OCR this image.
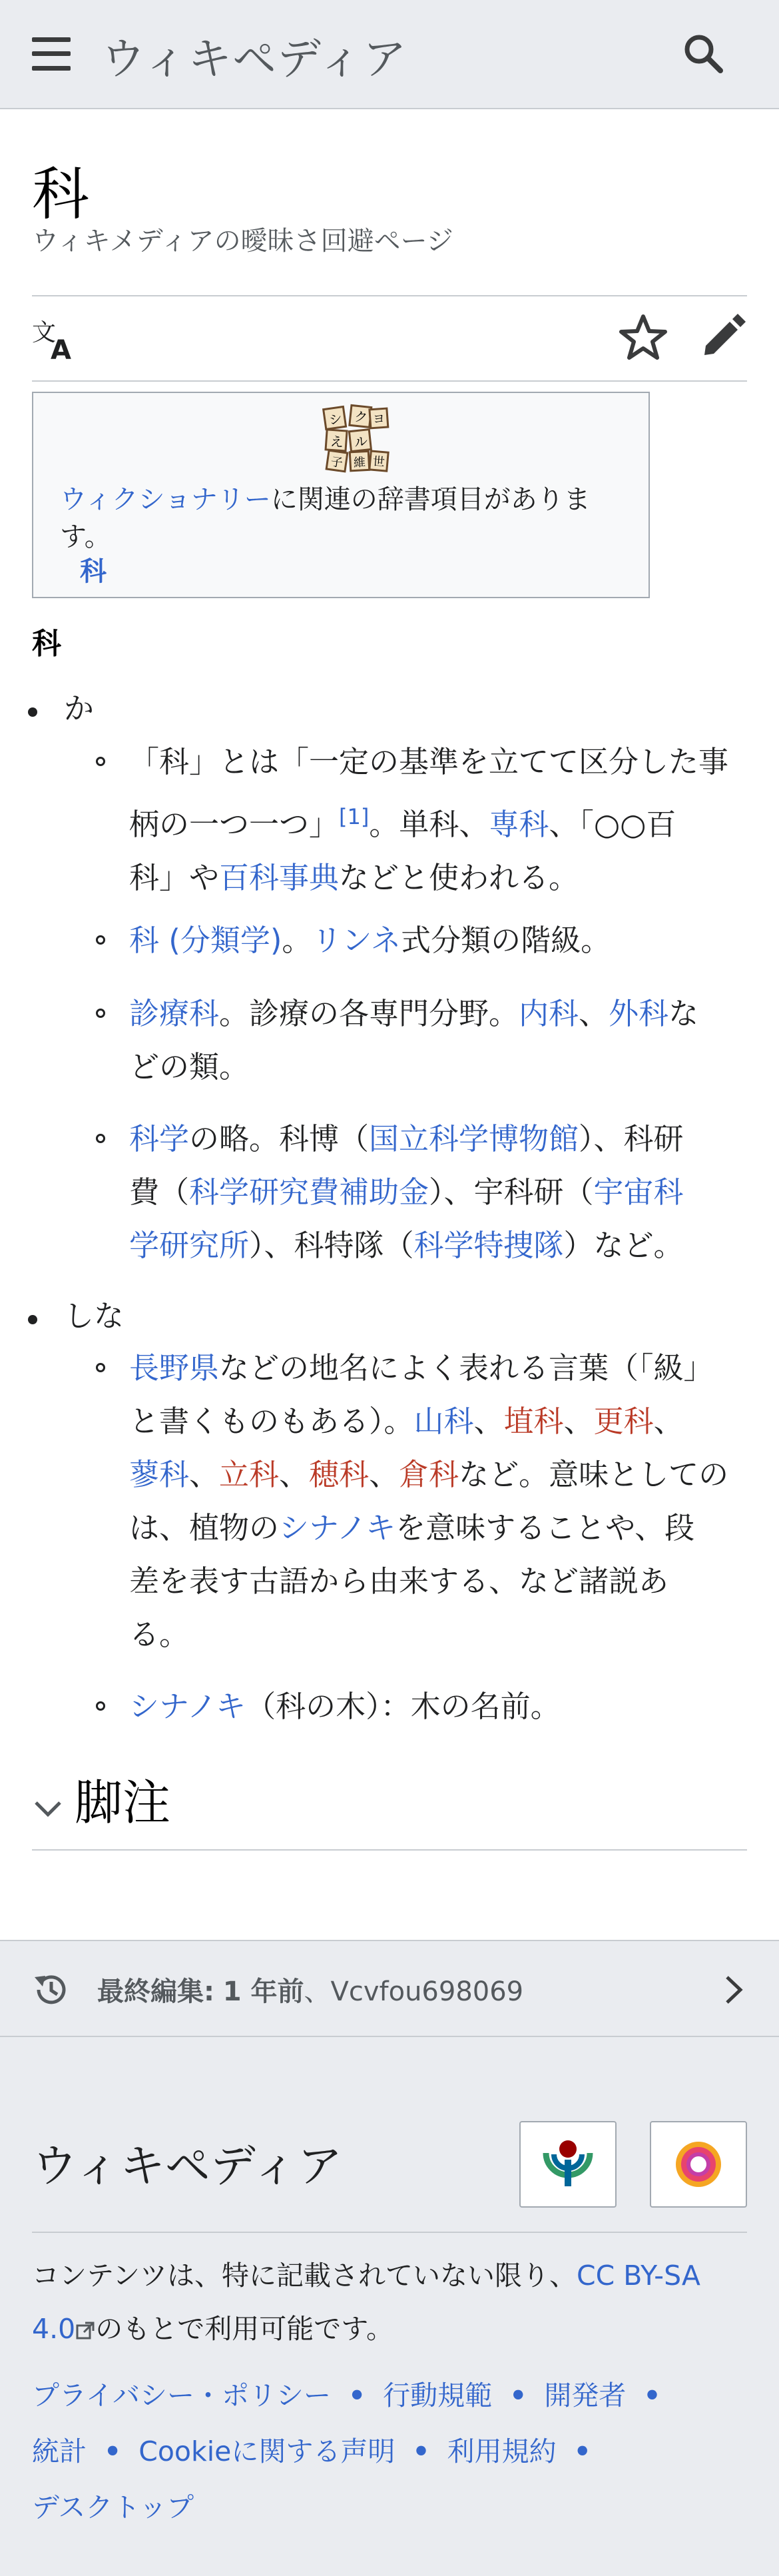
ウィキペディア
科
ウィキメディアの曖昧さ回避ページ
文
A
シ ク ヨ
え ル
子 維 世
ウィクショナリーに関連の辞書項目がありま
す。
科
科
か
「科」とは「一定の基準を立てて区分した事
柄の一つ一つ」[1]。単科、専科、「○○百
科」や百科事典などと使われる。
科 (分類学)。リンネ式分類の階級。
診療科。診療の各専門分野。内科、外科な
どの類。
科学の略。科博（国立科学博物館）、科研
費（科学研究費補助金）、宇科研（宇宙科
学研究所）、科特隊（科学特捜隊）など。
しな
長野県などの地名によく表れる言葉（「級」
と書くものもある）。山科、埴科、更科、
蓼科、立科、穂科、倉科など。意味としての
は、植物のシナノキを意味することや、段
差を表す古語から由来する、など諸説あ
る。
シナノキ（科の木）：木の名前。
脚注
最終編集: 1 年前、Vcvfou698069
ウィキペディア
コンテンツは、特に記載されていない限り、CC BY-SA
4.0 のもとで利用可能です。
プライバシー・ポリシー • 行動規範 • 開発者 •
統計 • Cookieに関する声明 • 利用規約 •
デスクトップ
